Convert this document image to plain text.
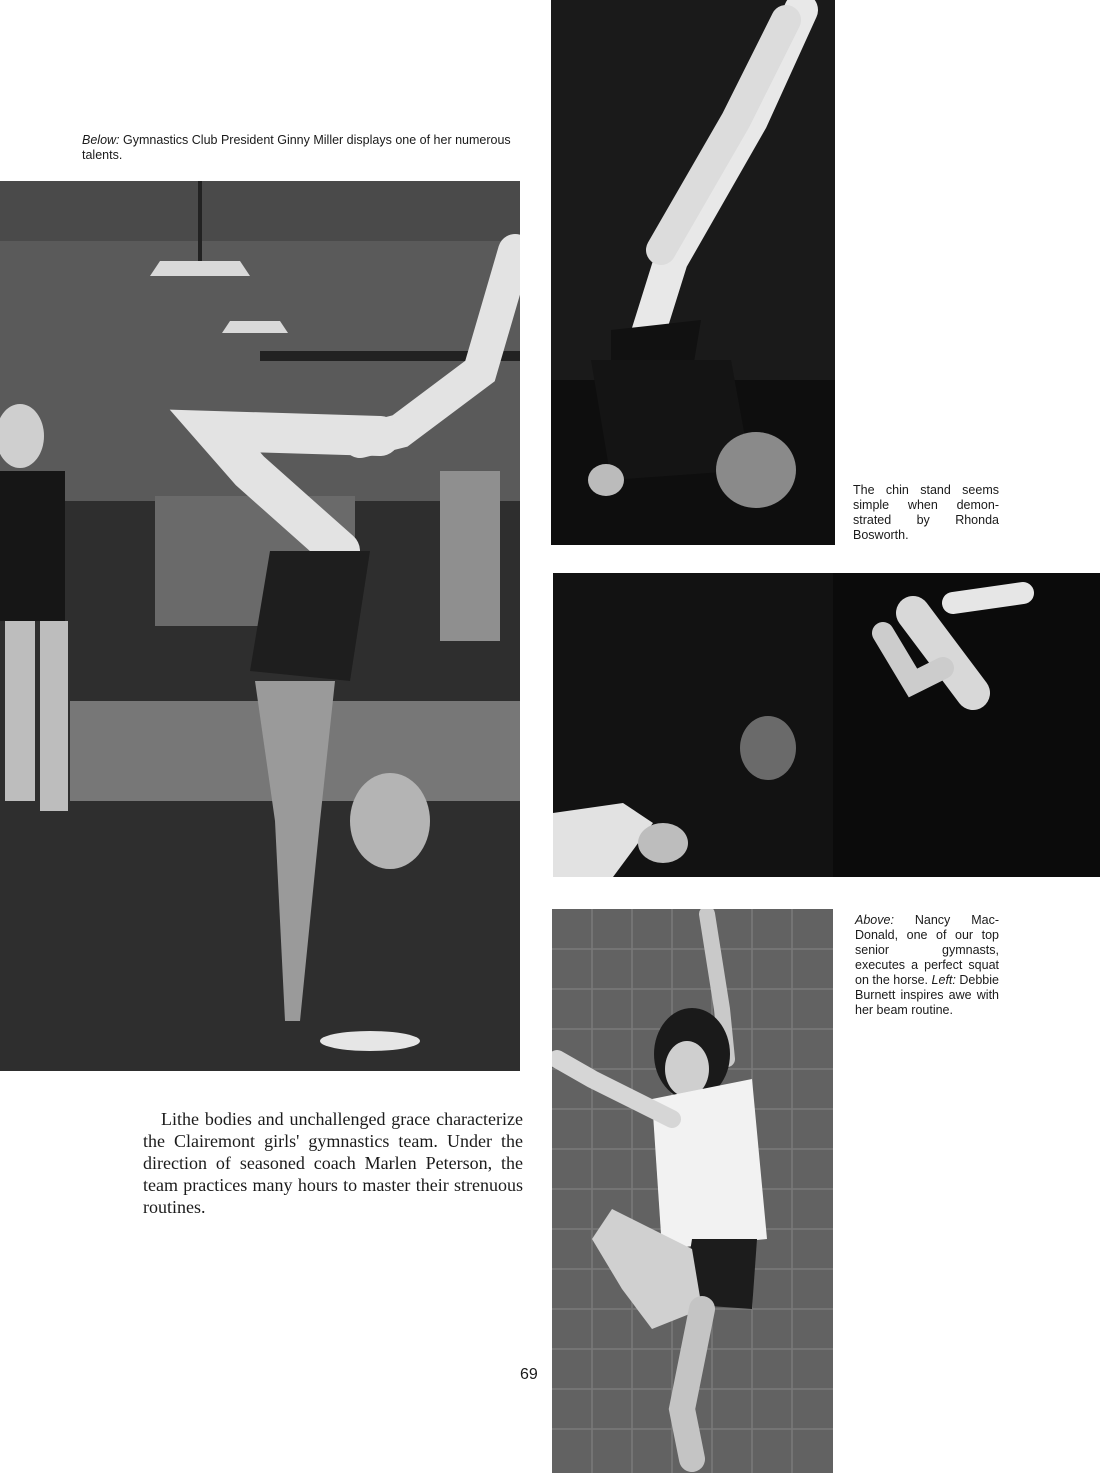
Below: Gymnastics Club President Ginny Miller displays one of her numerous talents.
Lithe bodies and unchallenged grace characterize the Clairemont girls' gymnastics team. Under the direction of seasoned coach Marlen Peterson, the team practices many hours to master their strenuous routines.
69
The chin stand seems simple when demon-strated by Rhonda Bosworth.
Above: Nancy Mac-Donald, one of our top senior gymnasts, executes a perfect squat on the horse. Left: Debbie Burnett inspires awe with her beam routine.
